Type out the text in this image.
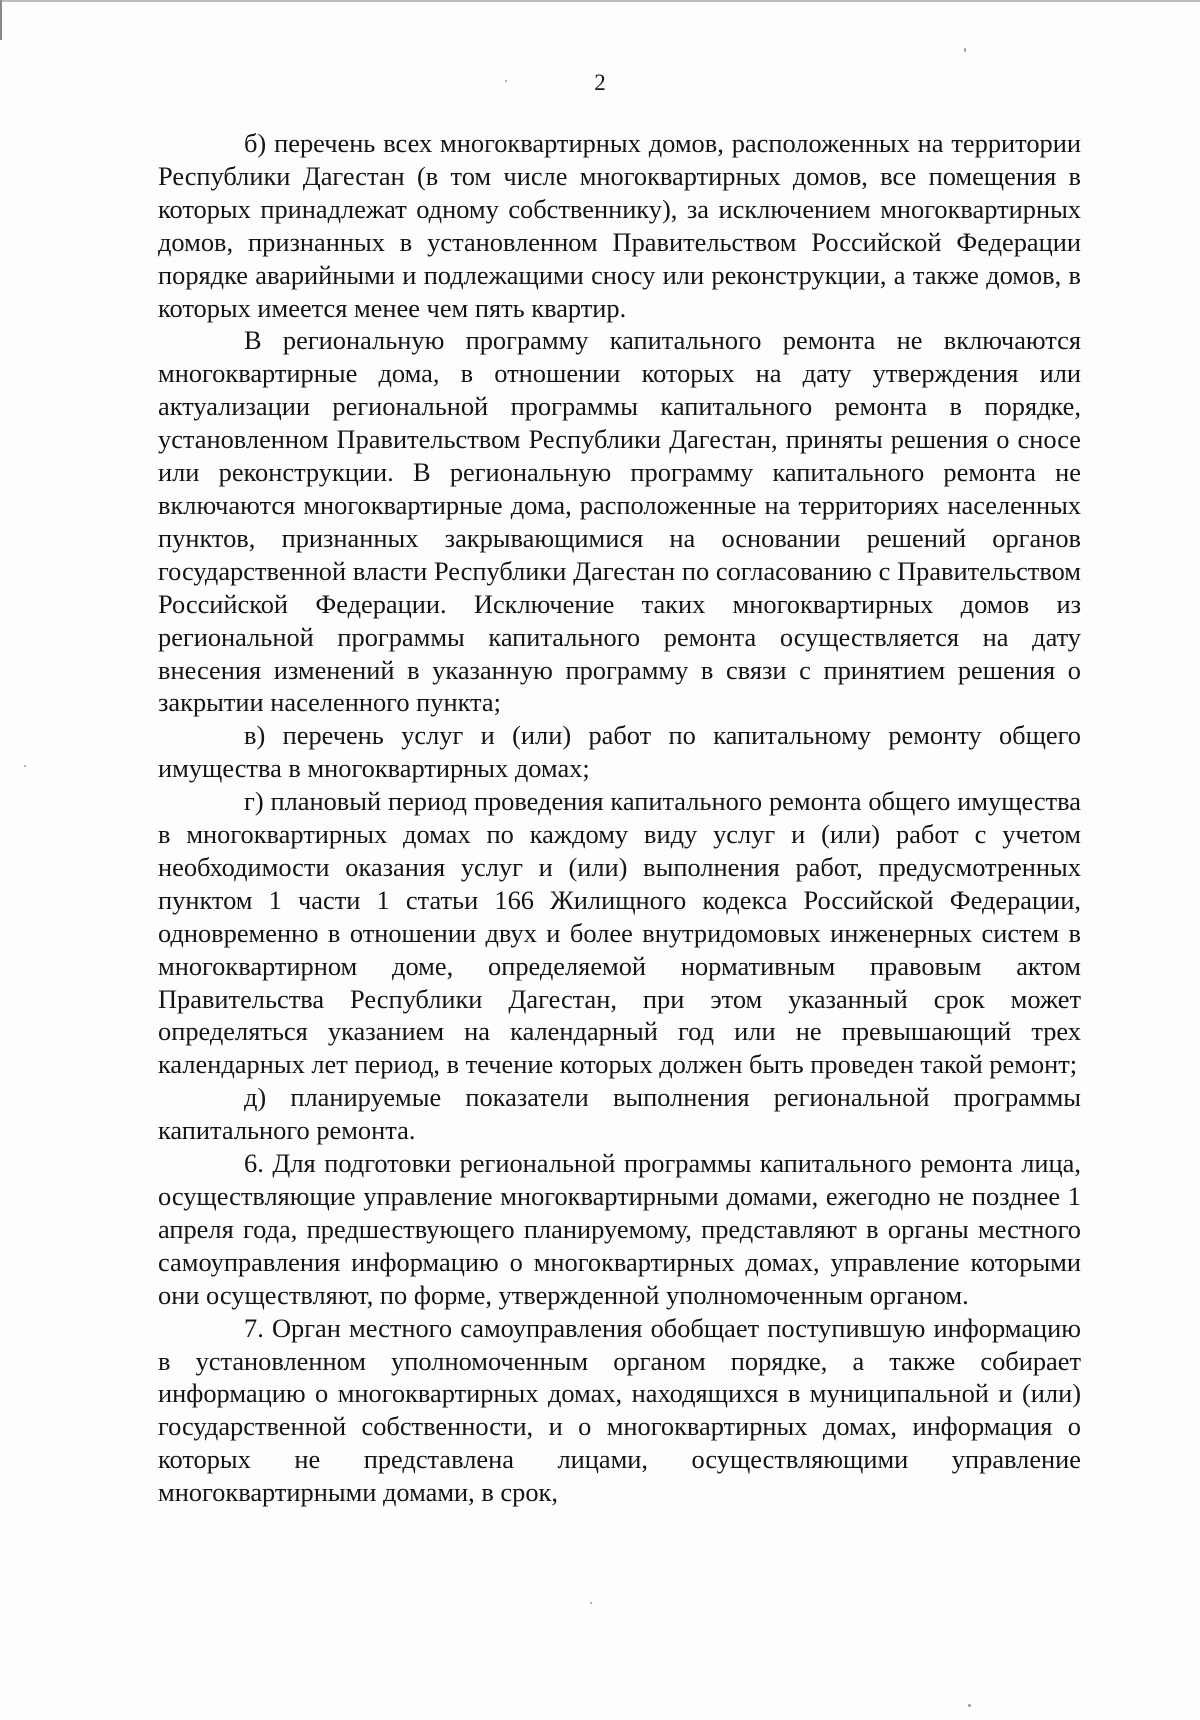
2

б) перечень всех многоквартирных домов, расположенных на территории Республики Дагестан (в том числе многоквартирных домов, все помещения в которых принадлежат одному собственнику), за исключением многоквартирных домов, признанных в установленном Правительством Российской Федерации порядке аварийными и подлежащими сносу или реконструкции, а также домов, в которых имеется менее чем пять квартир.

В региональную программу капитального ремонта не включаются многоквартирные дома, в отношении которых на дату утверждения или актуализации региональной программы капитального ремонта в порядке, установленном Правительством Республики Дагестан, приняты решения о сносе или реконструкции. В региональную программу капитального ремонта не включаются многоквартирные дома, расположенные на территориях населенных пунктов, признанных закрывающимися на основании решений органов государственной власти Республики Дагестан по согласованию с Правительством Российской Федерации. Исключение таких многоквартирных домов из региональной программы капитального ремонта осуществляется на дату внесения изменений в указанную программу в связи с принятием решения о закрытии населенного пункта;

в) перечень услуг и (или) работ по капитальному ремонту общего имущества в многоквартирных домах;

г) плановый период проведения капитального ремонта общего имущества в многоквартирных домах по каждому виду услуг и (или) работ с учетом необходимости оказания услуг и (или) выполнения работ, предусмотренных пунктом 1 части 1 статьи 166 Жилищного кодекса Российской Федерации, одновременно в отношении двух и более внутридомовых инженерных систем в многоквартирном доме, определяемой нормативным правовым актом Правительства Республики Дагестан, при этом указанный срок может определяться указанием на календарный год или не превышающий трех календарных лет период, в течение которых должен быть проведен такой ремонт;

д) планируемые показатели выполнения региональной программы капитального ремонта.

6. Для подготовки региональной программы капитального ремонта лица, осуществляющие управление многоквартирными домами, ежегодно не позднее 1 апреля года, предшествующего планируемому, представляют в органы местного самоуправления информацию о многоквартирных домах, управление которыми они осуществляют, по форме, утвержденной уполномоченным органом.

7. Орган местного самоуправления обобщает поступившую информацию в установленном уполномоченным органом порядке, а также собирает информацию о многоквартирных домах, находящихся в муниципальной и (или) государственной собственности, и о многоквартирных домах, информация о которых не представлена лицами, осуществляющими управление многоквартирными домами, в срок,
